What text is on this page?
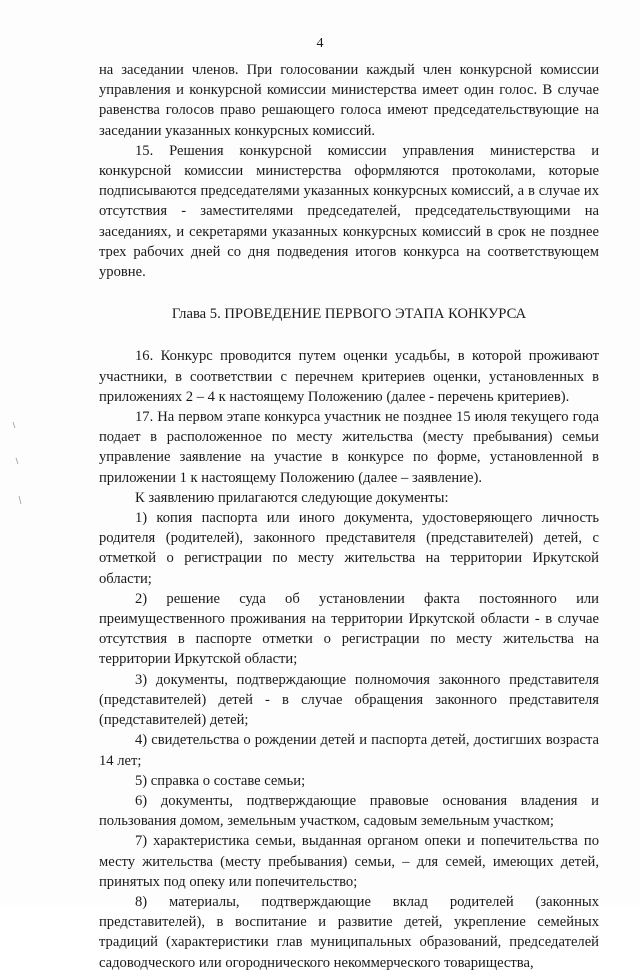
4

на заседании членов. При голосовании каждый член конкурсной комиссии управления и конкурсной комиссии министерства имеет один голос. В случае равенства голосов право решающего голоса имеют председательствующие на заседании указанных конкурсных комиссий.

15. Решения конкурсной комиссии управления министерства и конкурсной комиссии министерства оформляются протоколами, которые подписываются председателями указанных конкурсных комиссий, а в случае их отсутствия - заместителями председателей, председательствующими на заседаниях, и секретарями указанных конкурсных комиссий в срок не позднее трех рабочих дней со дня подведения итогов конкурса на соответствующем уровне.

Глава 5. ПРОВЕДЕНИЕ ПЕРВОГО ЭТАПА КОНКУРСА

16. Конкурс проводится путем оценки усадьбы, в которой проживают участники, в соответствии с перечнем критериев оценки, установленных в приложениях 2 – 4 к настоящему Положению (далее - перечень критериев).

17. На первом этапе конкурса участник не позднее 15 июля текущего года подает в расположенное по месту жительства (месту пребывания) семьи управление заявление на участие в конкурсе по форме, установленной в приложении 1 к настоящему Положению (далее – заявление).

К заявлению прилагаются следующие документы:

1) копия паспорта или иного документа, удостоверяющего личность родителя (родителей), законного представителя (представителей) детей, с отметкой о регистрации по месту жительства на территории Иркутской области;

2) решение суда об установлении факта постоянного или преимущественного проживания на территории Иркутской области - в случае отсутствия в паспорте отметки о регистрации по месту жительства на территории Иркутской области;

3) документы, подтверждающие полномочия законного представителя (представителей) детей - в случае обращения законного представителя (представителей) детей;

4) свидетельства о рождении детей и паспорта детей, достигших возраста 14 лет;

5) справка о составе семьи;

6) документы, подтверждающие правовые основания владения и пользования домом, земельным участком, садовым земельным участком;

7) характеристика семьи, выданная органом опеки и попечительства по месту жительства (месту пребывания) семьи, – для семей, имеющих детей, принятых под опеку или попечительство;

8) материалы, подтверждающие вклад родителей (законных представителей), в воспитание и развитие детей, укрепление семейных традиций (характеристики глав муниципальных образований, председателей садоводческого или огороднического некоммерческого товарищества,
